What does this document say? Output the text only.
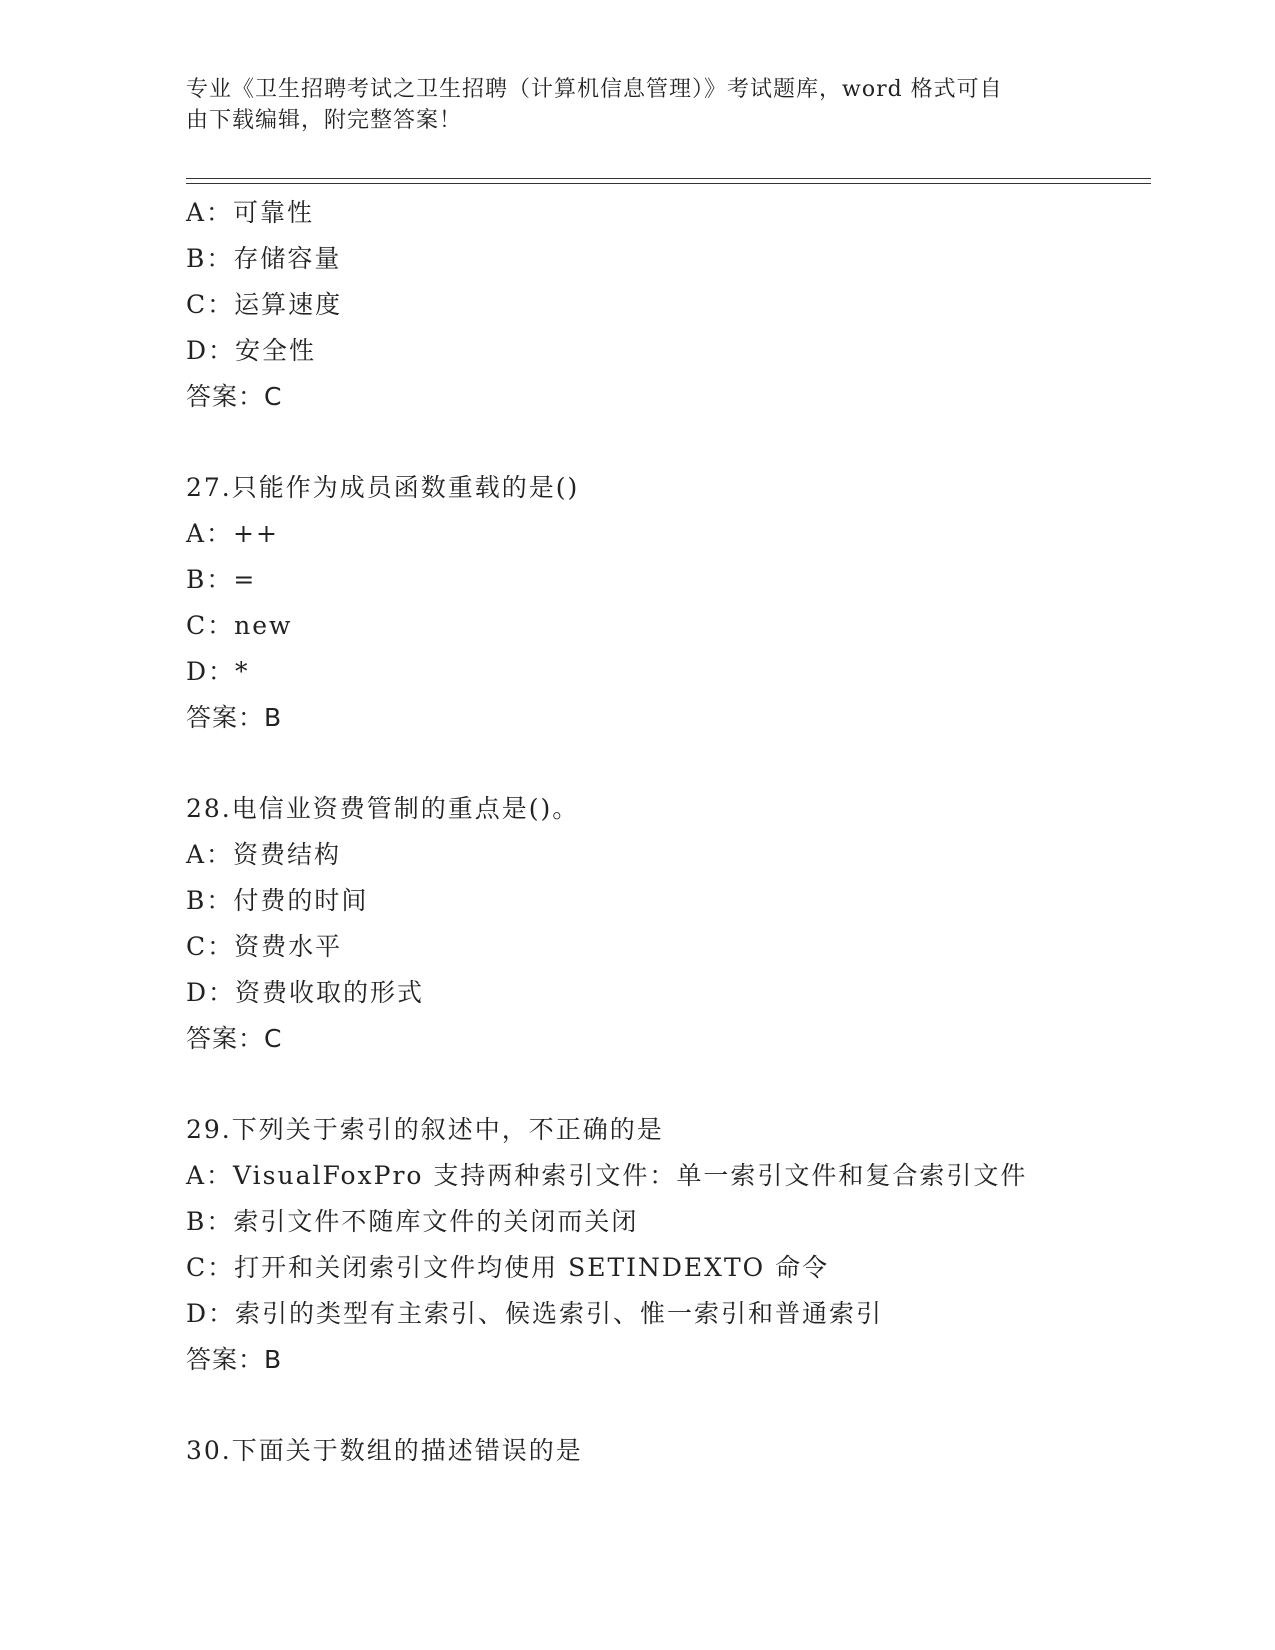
专业《卫生招聘考试之卫生招聘（计算机信息管理）》考试题库，word 格式可自
由下载编辑，附完整答案！
A：可靠性
B：存储容量
C：运算速度
D：安全性
答案：C
27.只能作为成员函数重载的是()
A：++
B：=
C：new
D：*
答案：B
28.电信业资费管制的重点是()。
A：资费结构
B：付费的时间
C：资费水平
D：资费收取的形式
答案：C
29.下列关于索引的叙述中，不正确的是
A：VisualFoxPro 支持两种索引文件：单一索引文件和复合索引文件
B：索引文件不随库文件的关闭而关闭
C：打开和关闭索引文件均使用 SETINDEXTO 命令
D：索引的类型有主索引、候选索引、惟一索引和普通索引
答案：B
30.下面关于数组的描述错误的是
